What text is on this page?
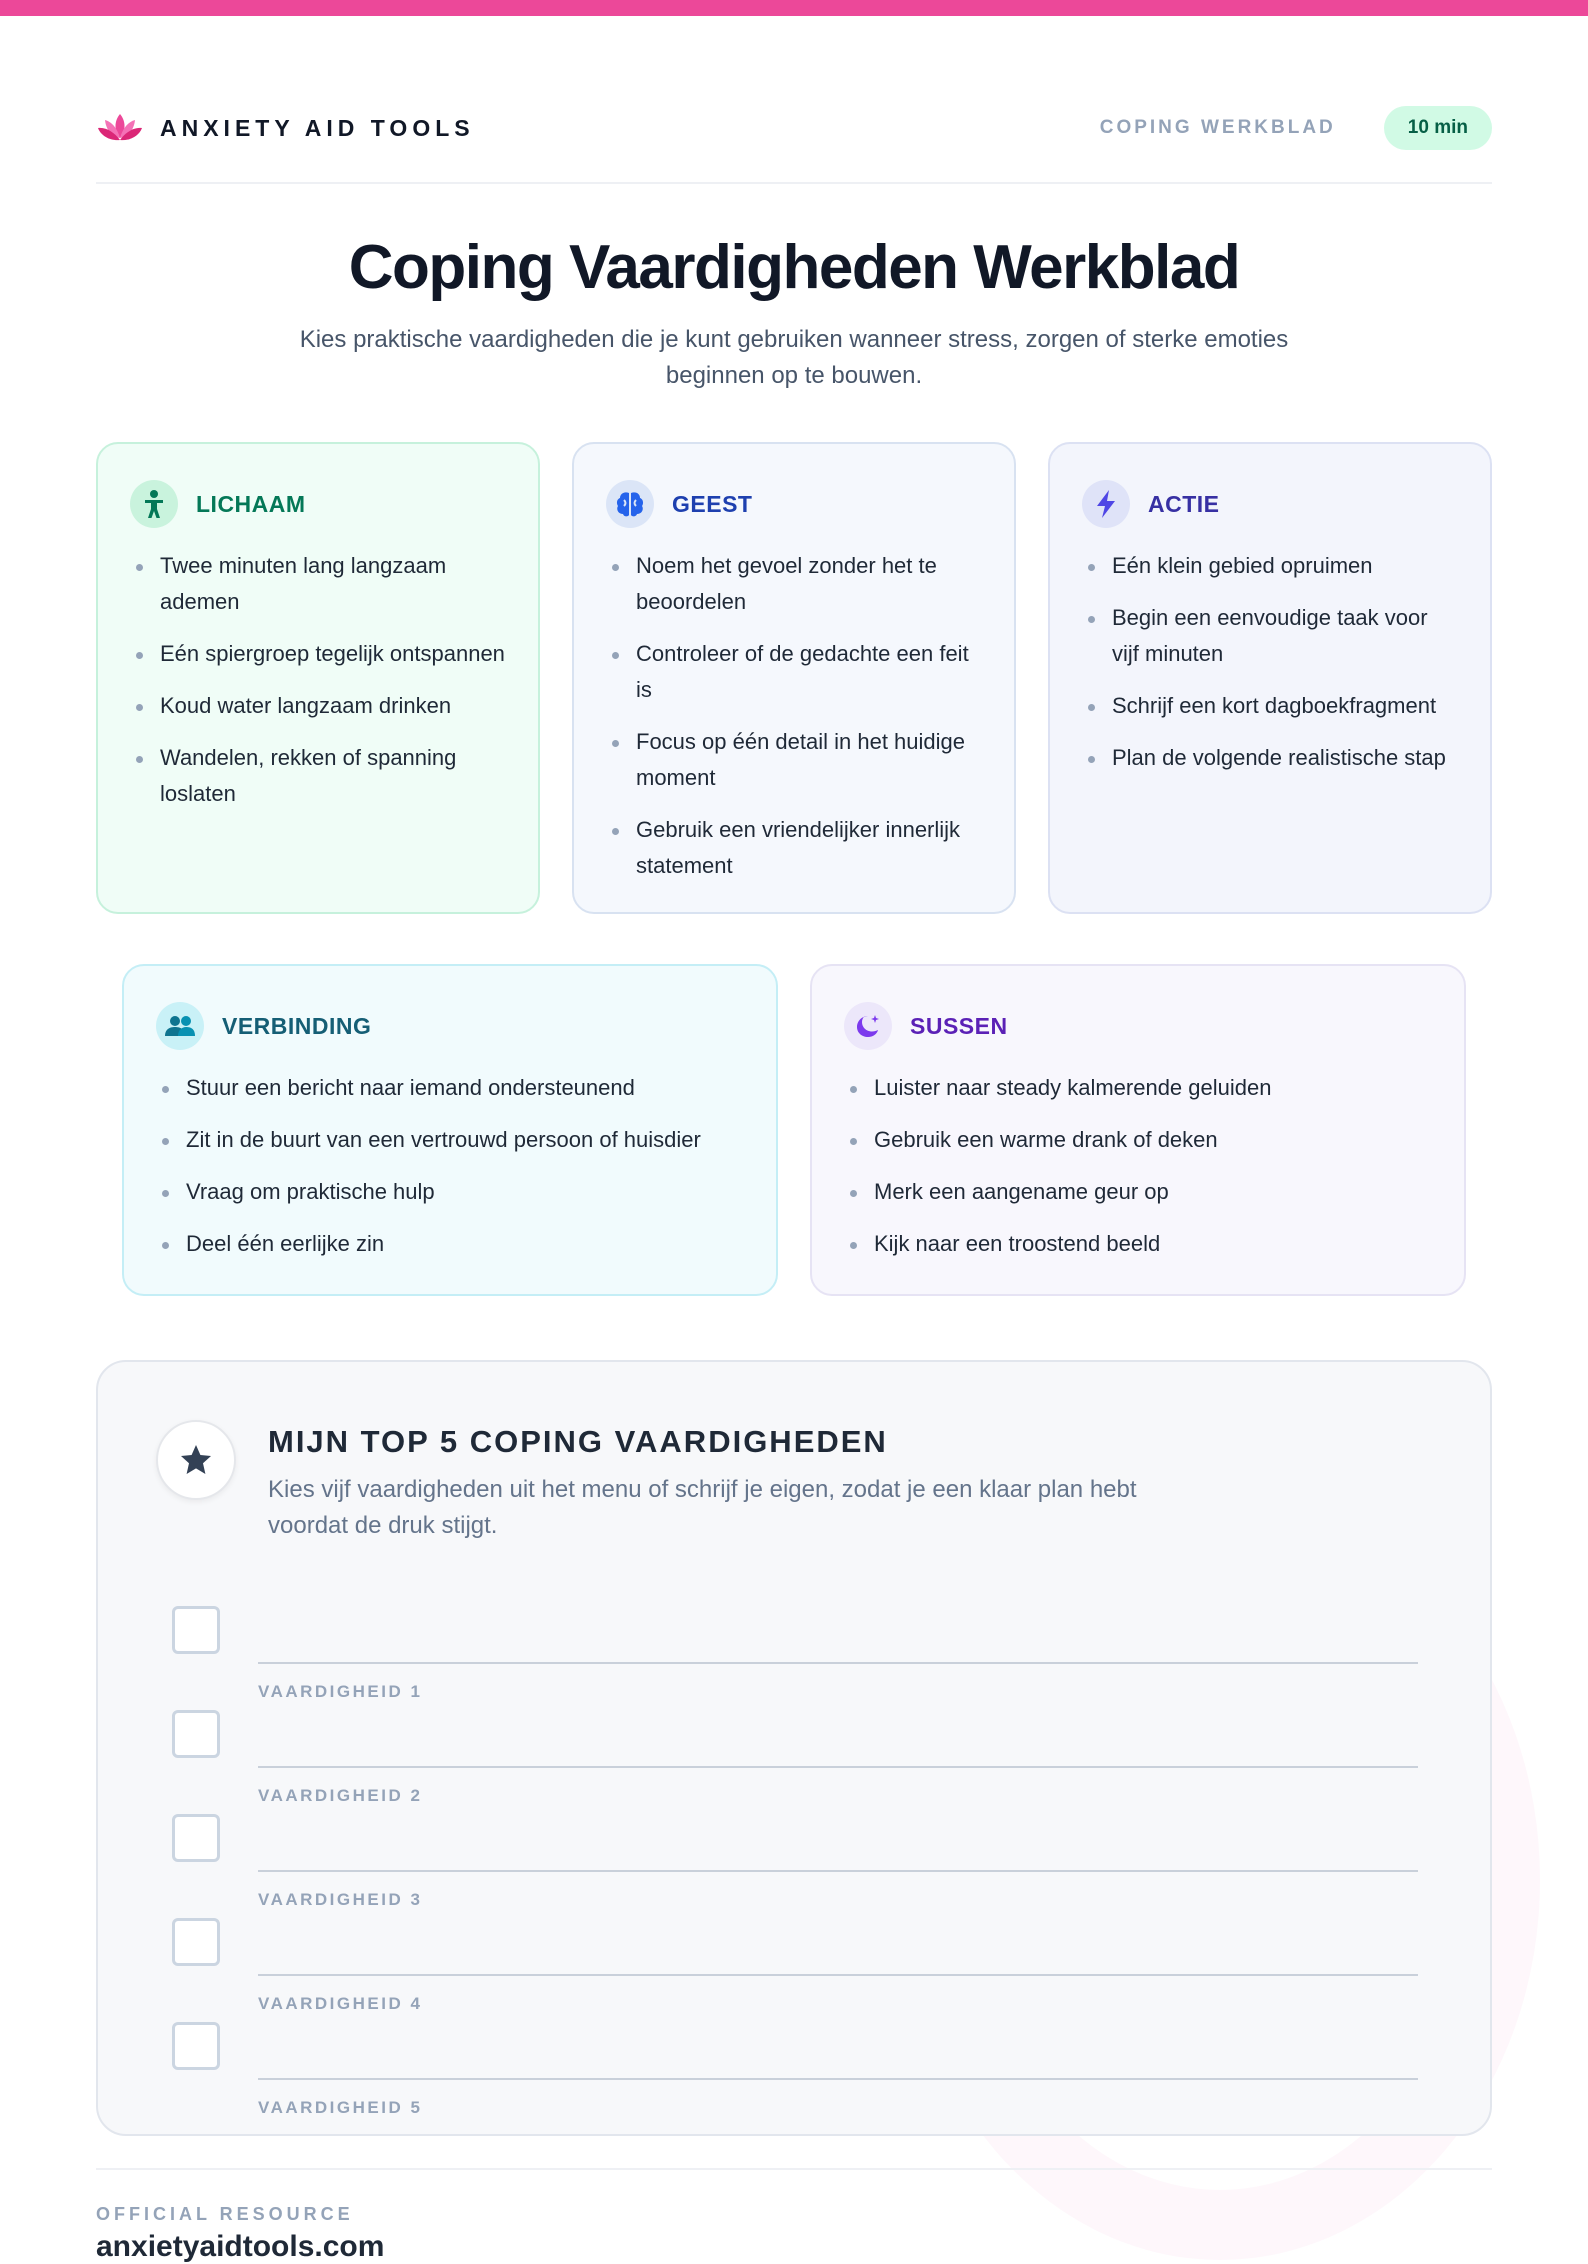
ANXIETY AID TOOLS	COPING WERKBLAD	10 min
Coping Vaardigheden Werkblad

Kies praktische vaardigheden die je kunt gebruiken wanneer stress, zorgen of sterke emoties beginnen op te bouwen.

LICHAAM
Twee minuten lang langzaam ademen
Eén spiergroep tegelijk ontspannen
Koud water langzaam drinken
Wandelen, rekken of spanning loslaten
GEEST
Noem het gevoel zonder het te beoordelen
Controleer of de gedachte een feit is
Focus op één detail in het huidige moment
Gebruik een vriendelijker innerlijk statement
ACTIE
Eén klein gebied opruimen
Begin een eenvoudige taak voor vijf minuten
Schrijf een kort dagboekfragment
Plan de volgende realistische stap
VERBINDING
Stuur een bericht naar iemand ondersteunend
Zit in de buurt van een vertrouwd persoon of huisdier
Vraag om praktische hulp
Deel één eerlijke zin
SUSSEN
Luister naar steady kalmerende geluiden
Gebruik een warme drank of deken
Merk een aangename geur op
Kijk naar een troostend beeld
MIJN TOP 5 COPING VAARDIGHEDEN

Kies vijf vaardigheden uit het menu of schrijf je eigen, zodat je een klaar plan hebt voordat de druk stijgt.

VAARDIGHEID 1
VAARDIGHEID 2
VAARDIGHEID 3
VAARDIGHEID 4
VAARDIGHEID 5
OFFICIAL RESOURCE
anxietyaidtools.com
